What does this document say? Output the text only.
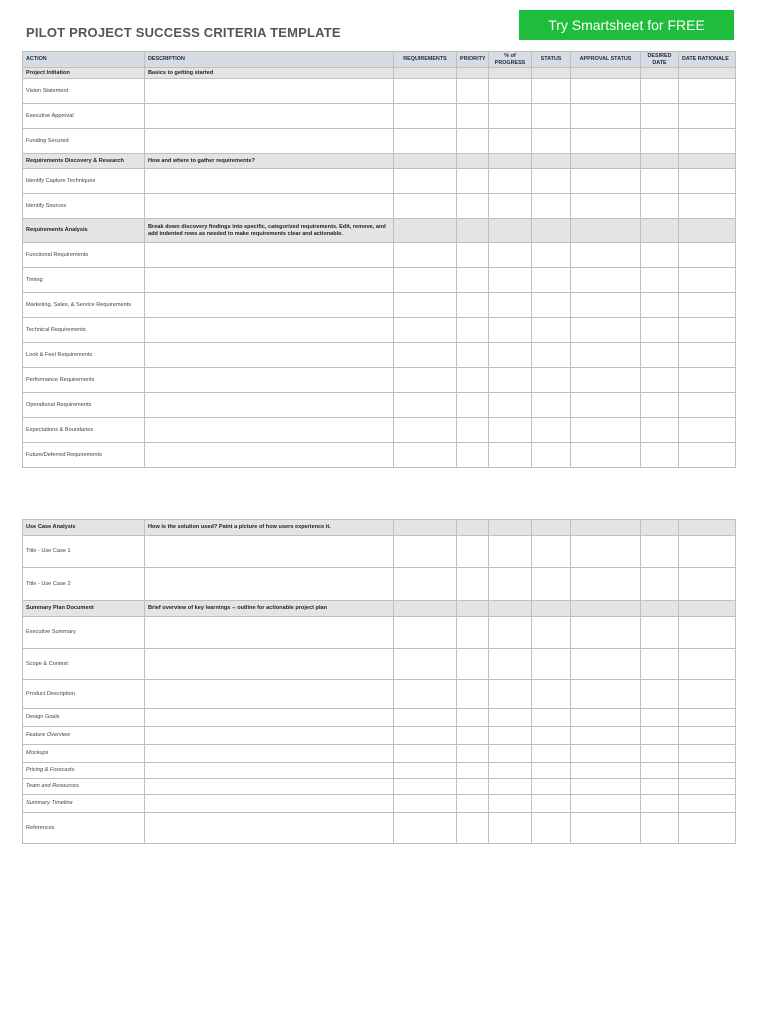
PILOT PROJECT SUCCESS CRITERIA TEMPLATE	Try Smartsheet for FREE
ACTION	DESCRIPTION	REQUIREMENTS	PRIORITY	% of PROGRESS	STATUS	APPROVAL STATUS	DESIRED DATE	DATE RATIONALE
Project Initiation	Basics to getting started							
Vision Statement								
Executive Approval								
Funding Secured								
Requirements Discovery & Research	How and where to gather requirements?							
Identify Capture Techniques								
Identify Sources								
Requirements Analysis	Break down discovery findings into specific, categorized requirements. Edit, remove, and add indented rows as needed to make requirements clear and actionable.							
Functional Requirements								
Timing								
Marketing, Sales, & Service Requirements								
Technical Requirements								
Look & Feel Requirements								
Performance Requirements								
Operational Requirements								
Expectations & Boundaries								
Future/Deferred Requirements								
Use Case Analysis	How is the solution used? Paint a picture of how users experience it.							
Title - Use Case 1								
Title - Use Case 2								
Summary Plan Document	Brief overview of key learnings -- outline for actionable project plan							
Executive Summary								
Scope & Context								
Product Description								
Design Goals								
Feature Overview								
Mockups								
Pricing & Forecasts								
Team and Resources								
Summary Timeline								
References								
